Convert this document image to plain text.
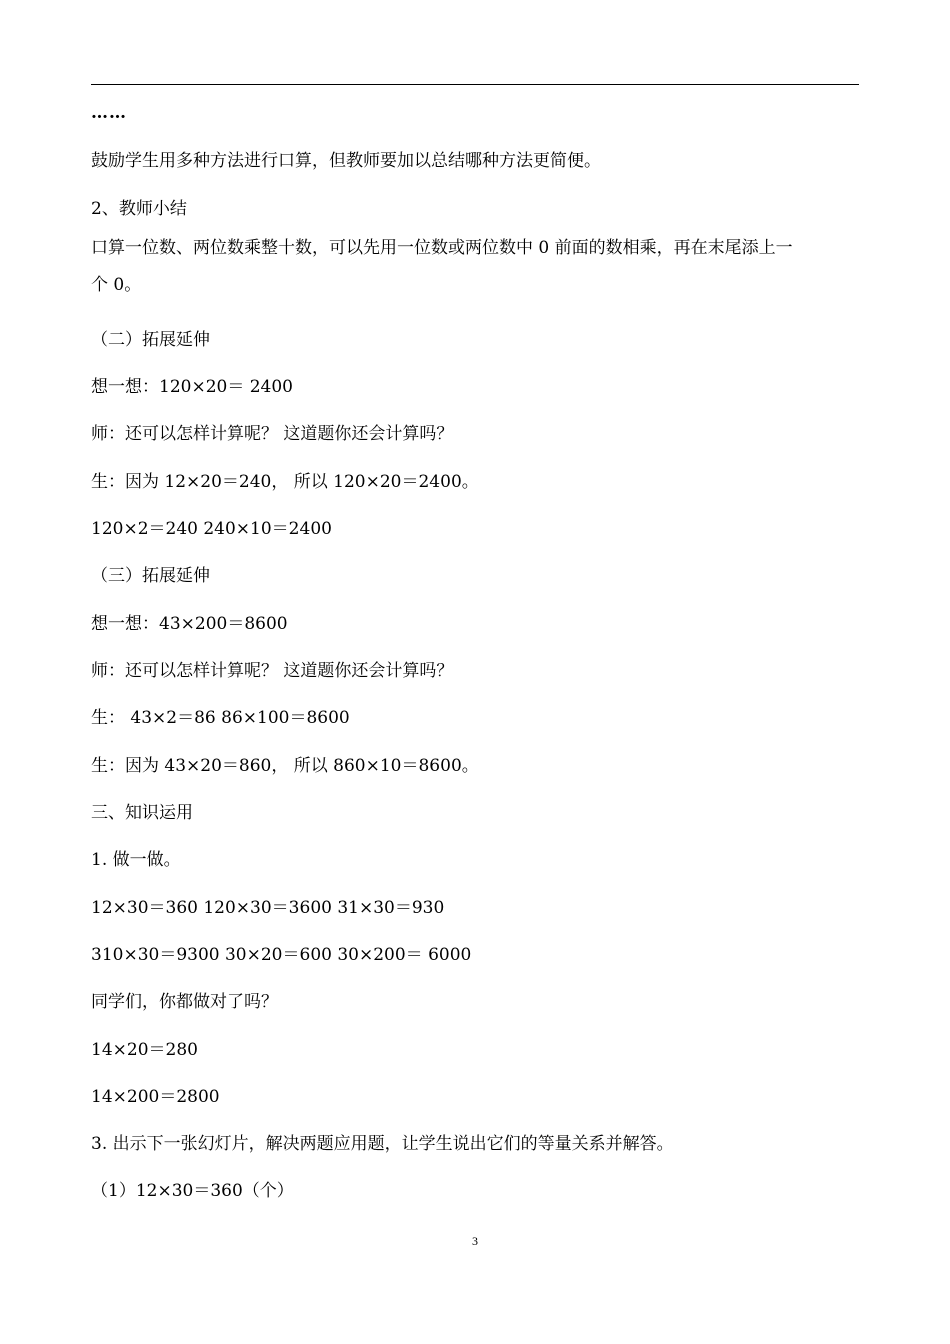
……
鼓励学生用多种方法进行口算，但教师要加以总结哪种方法更简便。
2、教师小结
口算一位数、两位数乘整十数，可以先用一位数或两位数中 0 前面的数相乘，再在末尾添上一
个 0。
（二）拓展延伸
想一想：120×20＝ 2400
师：还可以怎样计算呢？ 这道题你还会计算吗？
生：因为 12×20＝240， 所以 120×20＝2400。
120×2＝240 240×10＝2400
（三）拓展延伸
想一想：43×200＝8600
师：还可以怎样计算呢？ 这道题你还会计算吗？
生： 43×2＝86 86×100＝8600
生：因为 43×20＝860， 所以 860×10＝8600。
三、知识运用
1. 做一做。
12×30＝360 120×30＝3600 31×30＝930
310×30＝9300 30×20＝600 30×200＝ 6000
同学们，你都做对了吗？
14×20＝280
14×200＝2800
3. 出示下一张幻灯片，解决两题应用题，让学生说出它们的等量关系并解答。
（1）12×30＝360（个）
3
